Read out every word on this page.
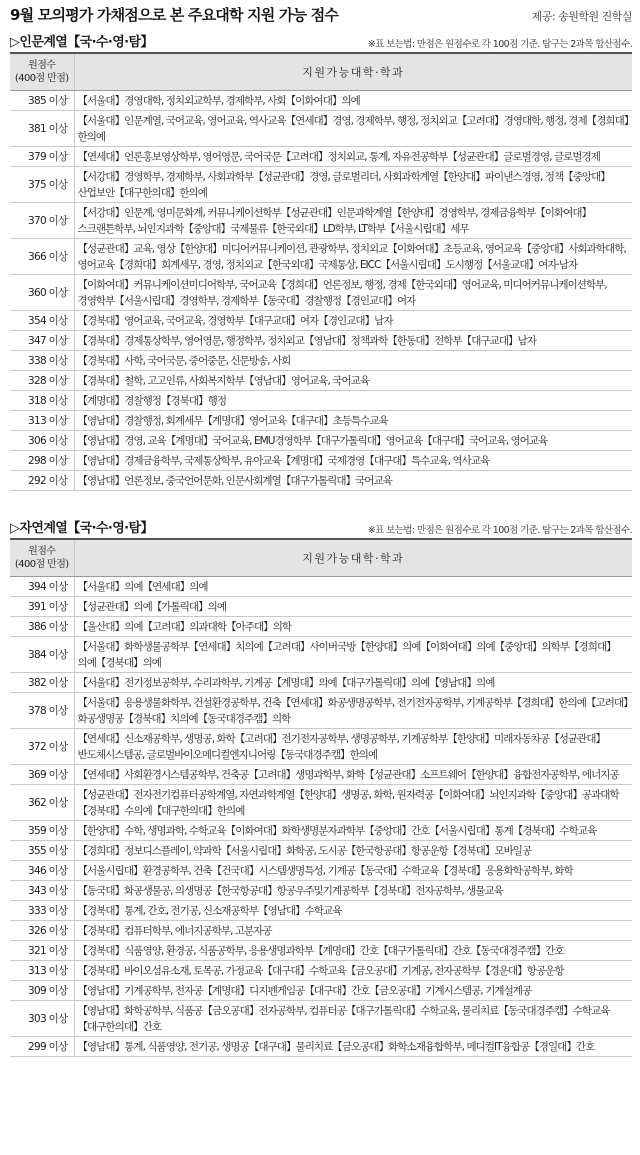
9월 모의평가 가채점으로 본 주요대학 지원 가능 점수	제공: 송원학원 진학실
▷인문계열【국·수·영·탐】	※표 보는법: 만점은 원점수로 각 100점 기준. 탐구는 2과목 합산점수.
원점수
(400점 만점)	지원가능대학·학과
385 이상	【서울대】경영대학, 정치외교학부, 경제학부, 사회【이화여대】의예
381 이상	【서울대】인문계열, 국어교육, 영어교육, 역사교육【연세대】경영, 경제학부, 행정, 정치외교【고려대】경영대학, 행정, 경제【경희대】한의예
379 이상	【연세대】언론홍보영상학부, 영어영문, 국어국문【고려대】정치외교, 통계, 자유전공학부【성균관대】글로벌경영, 글로벌경제
375 이상	【서강대】경영학부, 경제학부, 사회과학부【성균관대】경영, 글로벌리더, 사회과학계열【한양대】파이낸스경영, 정책【중앙대】산업보안【대구한의대】한의예
370 이상	【서강대】인문계, 영미문화계, 커뮤니케이션학부【성균관대】인문과학계열【한양대】경영학부, 경제금융학부【이화여대】스크랜튼학부, 뇌인지과학【중앙대】국제물류【한국외대】LD학부, LT학부【서울시립대】세무
366 이상	【성균관대】교육, 영상【한양대】미디어커뮤니케이션, 관광학부, 정치외교【이화여대】초등교육, 영어교육【중앙대】사회과학대학, 영어교육【경희대】회계세무, 경영, 정치외교【한국외대】국제통상, EICC【서울시립대】도시행정【서울교대】여자·남자
360 이상	【이화여대】커뮤니케이션미디어학부, 국어교육【경희대】언론정보, 행정, 경제【한국외대】영어교육, 미디어커뮤니케이션학부, 경영학부【서울시립대】경영학부, 경제학부【동국대】경찰행정【경인교대】여자
354 이상	【경북대】영어교육, 국어교육, 경영학부【대구교대】여자【경인교대】남자
347 이상	【경북대】경제통상학부, 영어영문, 행정학부, 정치외교【영남대】정책과학【한동대】전학부【대구교대】남자
338 이상	【경북대】사학, 국어국문, 중어중문, 신문방송, 사회
328 이상	【경북대】철학, 고고인류, 사회복지학부【영남대】영어교육, 국어교육
318 이상	【계명대】경찰행정【경북대】행정
313 이상	【영남대】경찰행정, 회계세무【계명대】영어교육【대구대】초등특수교육
306 이상	【영남대】경영, 교육【계명대】국어교육, EMU경영학부【대구가톨릭대】영어교육【대구대】국어교육, 영어교육
298 이상	【영남대】경제금융학부, 국제통상학부, 유아교육【계명대】국제경영【대구대】특수교육, 역사교육
292 이상	【영남대】언론정보, 중국언어문화, 인문사회계열【대구가톨릭대】국어교육
▷자연계열【국·수·영·탐】	※표 보는법: 만점은 원점수로 각 100점 기준. 탐구는 2과목 합산점수.
원점수
(400점 만점)	지원가능대학·학과
394 이상	【서울대】의예【연세대】의예
391 이상	【성균관대】의예【가톨릭대】의예
386 이상	【울산대】의예【고려대】의과대학【아주대】의학
384 이상	【서울대】화학생물공학부【연세대】치의예【고려대】사이버국방【한양대】의예【이화여대】의예【중앙대】의학부【경희대】의예【경북대】의예
382 이상	【서울대】전기정보공학부, 수리과학부, 기계공【계명대】의예【대구가톨릭대】의예【영남대】의예
378 이상	【서울대】응용생물화학부, 건설환경공학부, 건축【연세대】화공생명공학부, 전기전자공학부, 기계공학부【경희대】한의예【고려대】화공생명공【경북대】치의예【동국대경주캠】의학
372 이상	【연세대】신소재공학부, 생명공, 화학【고려대】전기전자공학부, 생명공학부, 기계공학부【한양대】미래자동차공【성균관대】반도체시스템공, 글로벌바이오메디컬엔지니어링【동국대경주캠】한의예
369 이상	【연세대】사회환경시스템공학부, 건축공【고려대】생명과학부, 화학【성균관대】소프트웨어【한양대】융합전자공학부, 에너지공
362 이상	【성균관대】전자전기컴퓨터공학계열, 자연과학계열【한양대】생명공, 화학, 원자력공【이화여대】뇌인지과학【중앙대】공과대학【경북대】수의예【대구한의대】한의예
359 이상	【한양대】수학, 생명과학, 수학교육【이화여대】화학생명분자과학부【중앙대】간호【서울시립대】통계【경북대】수학교육
355 이상	【경희대】정보디스플레이, 약과학【서울시립대】화학공, 도시공【한국항공대】항공운항【경북대】모바일공
346 이상	【서울시립대】환경공학부, 건축【건국대】시스템생명특성, 기계공【동국대】수학교육【경북대】응용화학공학부, 화학
343 이상	【동국대】화공생물공, 의생명공【한국항공대】항공우주및기계공학부【경북대】전자공학부, 생물교육
333 이상	【경북대】통계, 간호, 전기공, 신소재공학부【영남대】수학교육
326 이상	【경북대】컴퓨터학부, 에너지공학부, 고분자공
321 이상	【경북대】식품영양, 환경공, 식품공학부, 응용생명과학부【계명대】간호【대구가톨릭대】간호【동국대경주캠】간호
313 이상	【경북대】바이오섬유소재, 토목공, 가정교육【대구대】수학교육【금오공대】기계공, 전자공학부【경운대】항공운항
309 이상	【영남대】기계공학부, 전자공【계명대】디지펜게임공【대구대】간호【금오공대】기계시스템공, 기계설계공
303 이상	【영남대】화학공학부, 식품공【금오공대】전자공학부, 컴퓨터공【대구가톨릭대】수학교육, 물리치료【동국대경주캠】수학교육【대구한의대】간호
299 이상	【영남대】통계, 식품영양, 전기공, 생명공【대구대】물리치료【금오공대】화학소재융합학부, 메디컬IT융합공【경일대】간호
